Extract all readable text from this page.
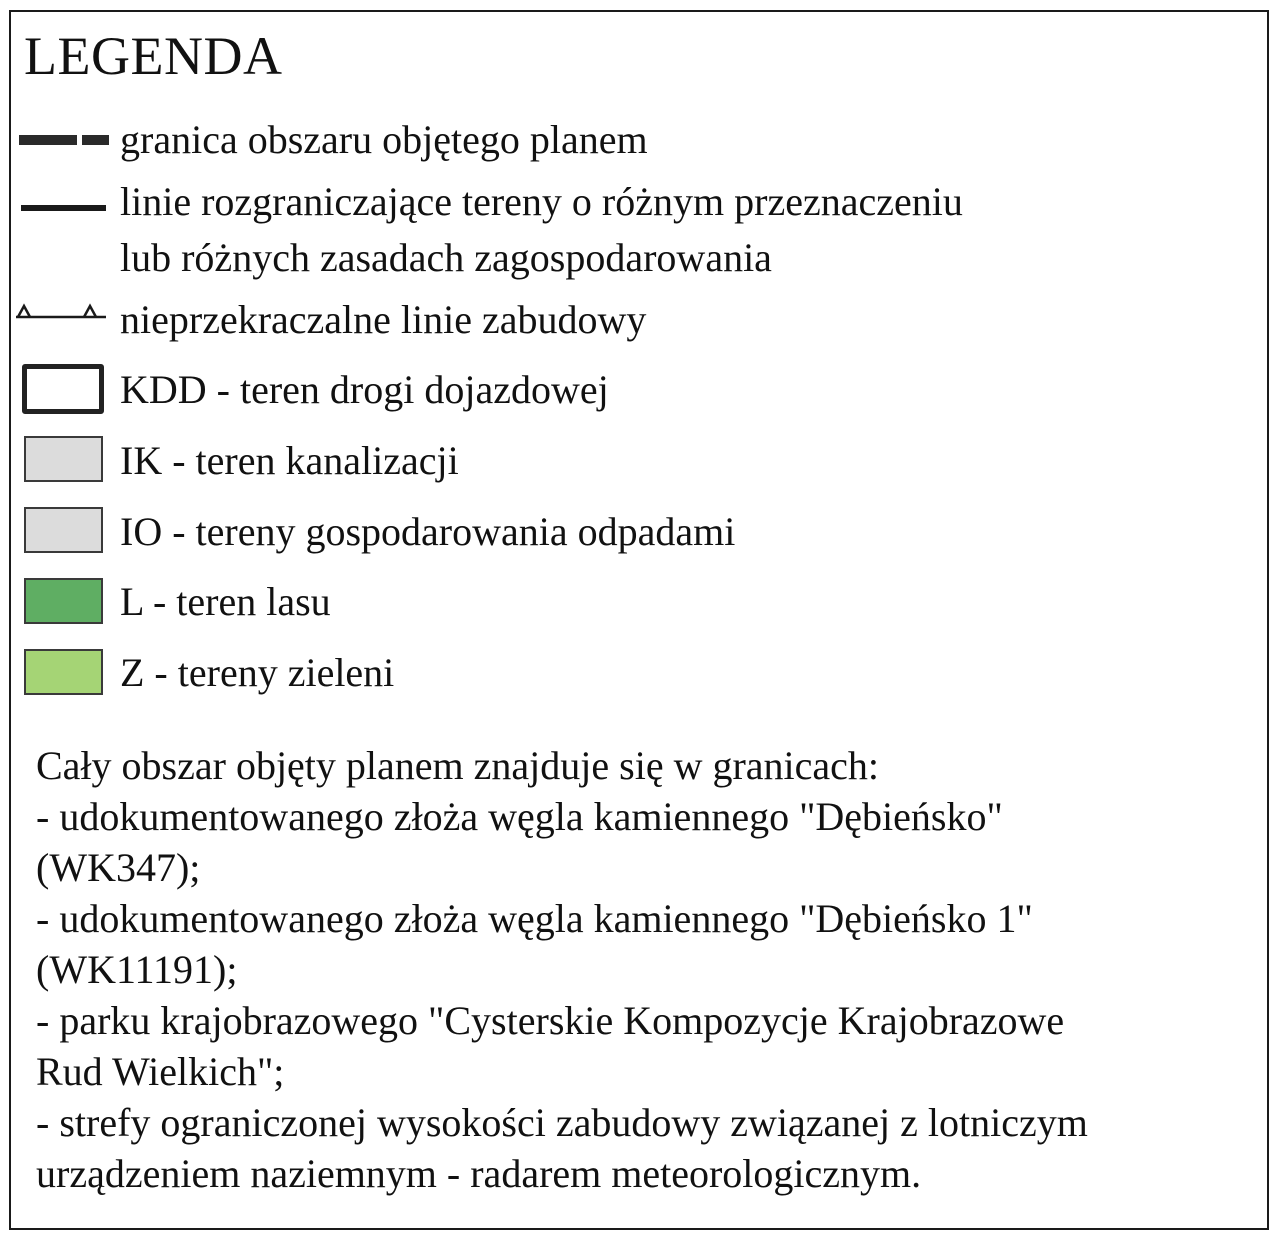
LEGENDA
granica obszaru objętego planem
linie rozgraniczające tereny o różnym przeznaczeniu
lub różnych zasadach zagospodarowania
nieprzekraczalne linie zabudowy
KDD - teren drogi dojazdowej
IK - teren kanalizacji
IO - tereny gospodarowania odpadami
L - teren lasu
Z - tereny zieleni
Cały obszar objęty planem znajduje się w granicach:
- udokumentowanego złoża węgla kamiennego "Dębieńsko"
(WK347);
- udokumentowanego złoża węgla kamiennego "Dębieńsko 1"
(WK11191);
- parku krajobrazowego "Cysterskie Kompozycje Krajobrazowe
Rud Wielkich";
- strefy ograniczonej wysokości zabudowy związanej z lotniczym
urządzeniem naziemnym - radarem meteorologicznym.
